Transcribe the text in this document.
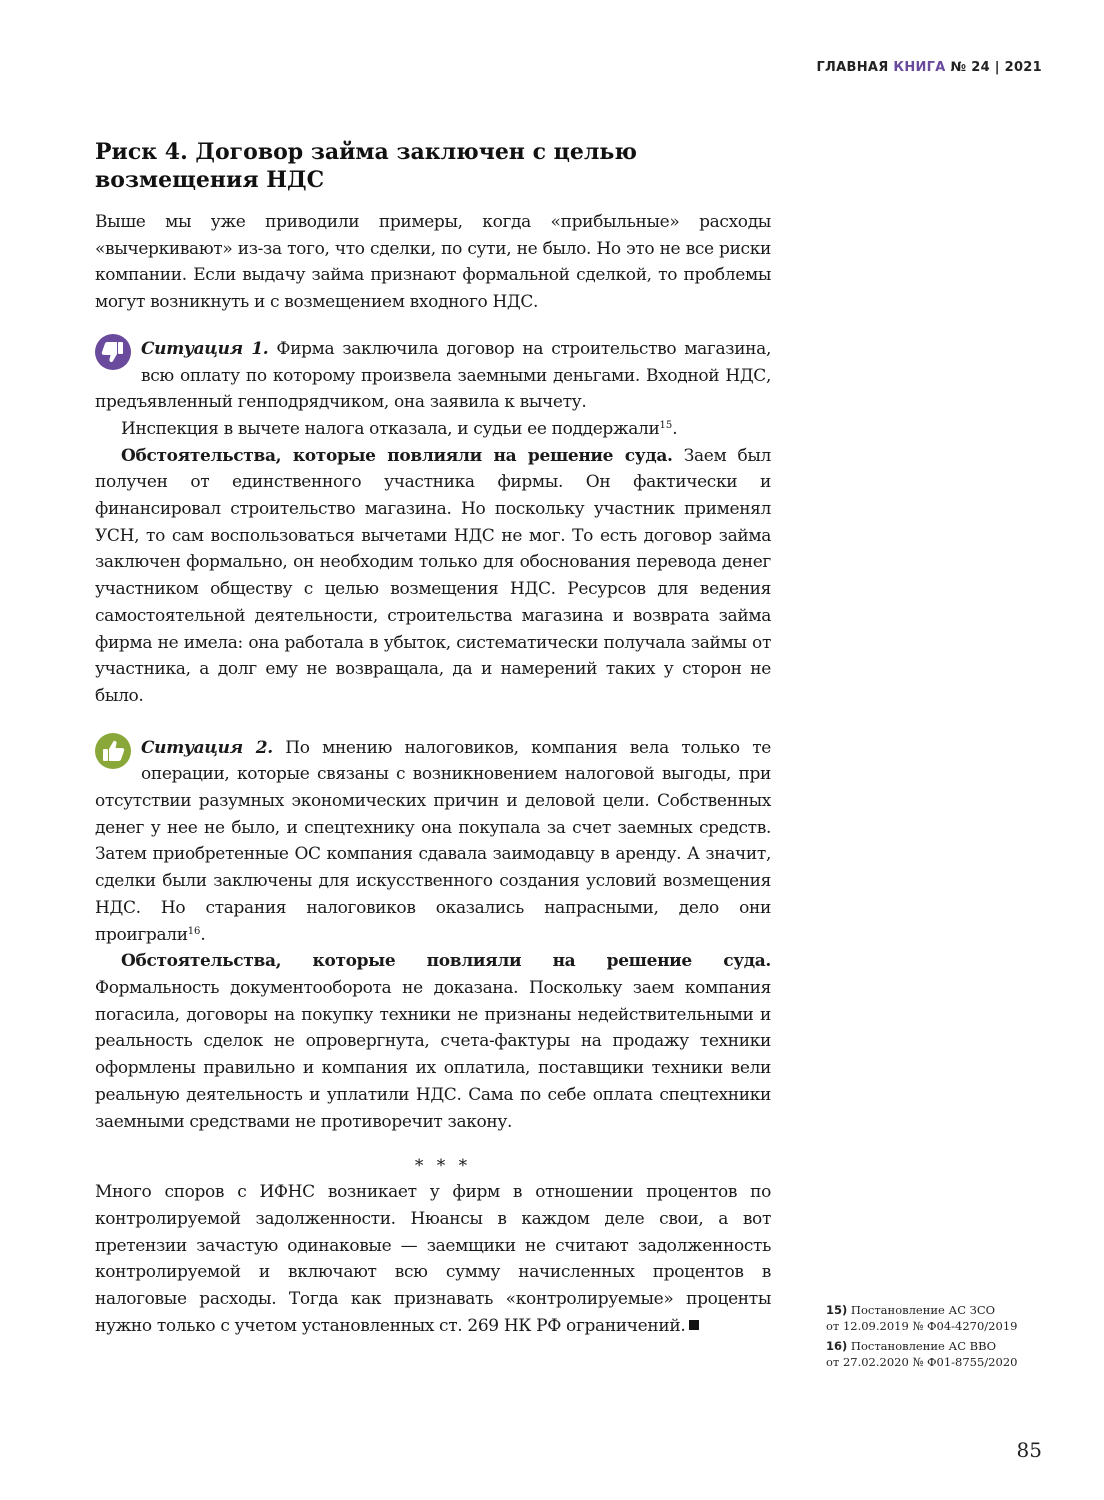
ГЛАВНАЯ КНИГА № 24 | 2021
Риск 4. Договор займа заключен с целью возмещения НДС

Выше мы уже приводили примеры, когда «прибыльные» расходы «вычеркивают» из-за того, что сделки, по сути, не было. Но это не все риски компании. Если выдачу займа признают формальной сделкой, то проблемы могут возникнуть и с возмещением входного НДС.

Ситуация 1. Фирма заключила договор на строительство магазина, всю оплату по которому произвела заемными деньгами. Входной НДС, предъявленный генподрядчиком, она заявила к вычету.

Инспекция в вычете налога отказала, и судьи ее поддержали$^{15}$.

Обстоятельства, которые повлияли на решение суда. Заем был получен от единственного участника фирмы. Он фактически и финансировал строительство магазина. Но поскольку участник применял УСН, то сам воспользоваться вычетами НДС не мог. То есть договор займа заключен формально, он необходим только для обоснования перевода денег участником обществу с целью возмещения НДС. Ресурсов для ведения самостоятельной деятельности, строительства магазина и возврата займа фирма не имела: она работала в убыток, систематически получала займы от участника, а долг ему не возвращала, да и намерений таких у сторон не было.

Ситуация 2. По мнению налоговиков, компания вела только те операции, которые связаны с возникновением налоговой выгоды, при отсутствии разумных экономических причин и деловой цели. Собственных денег у нее не было, и спецтехнику она покупала за счет заемных средств. Затем приобретенные ОС компания сдавала заимодавцу в аренду. А значит, сделки были заключены для искусственного создания условий возмещения НДС. Но старания налоговиков оказались напрасными, дело они проиграли$^{16}$.

Обстоятельства, которые повлияли на решение суда. Формальность документооборота не доказана. Поскольку заем компания погасила, договоры на покупку техники не признаны недействительными и реальность сделок не опровергнута, счета-фактуры на продажу техники оформлены правильно и компания их оплатила, поставщики техники вели реальную деятельность и уплатили НДС. Сама по себе оплата спецтехники заемными средствами не противоречит закону.

* * *

Много споров с ИФНС возникает у фирм в отношении процентов по контролируемой задолженности. Нюансы в каждом деле свои, а вот претензии зачастую одинаковые — заемщики не считают задолженность контролируемой и включают всю сумму начисленных процентов в налоговые расходы. Тогда как признавать «контролируемые» проценты нужно только с учетом установленных ст. 269 НК РФ ограничений.

15) Постановление АС ЗСО
от 12.09.2019 № Ф04-4270/2019
16) Постановление АС ВВО
от 27.02.2020 № Ф01-8755/2020
85
